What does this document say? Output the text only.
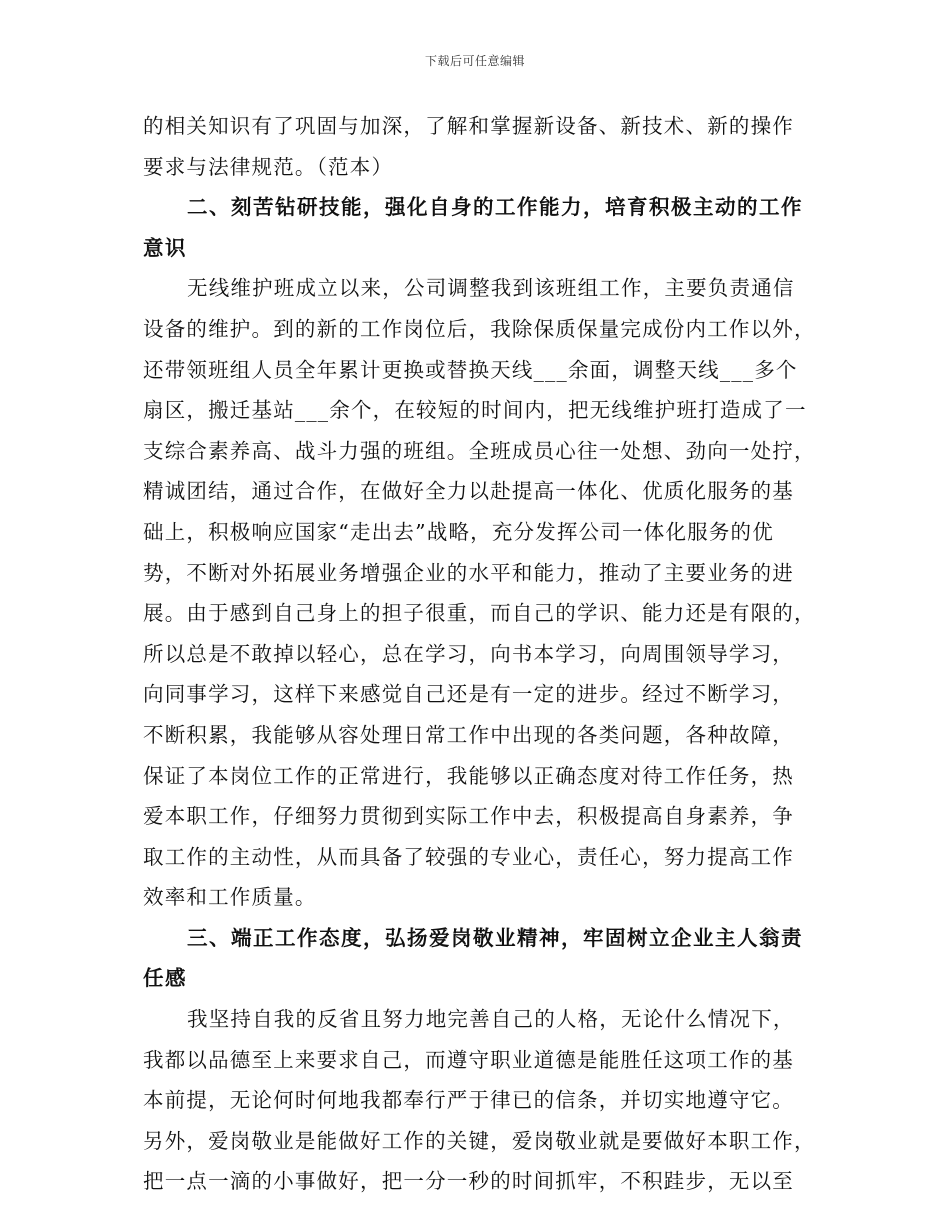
下载后可任意编辑
的相关知识有了巩固与加深，了解和掌握新设备、新技术、新的操作
要求与法律规范。（范本）
二、刻苦钻研技能，强化自身的工作能力，培育积极主动的工作
意识
无线维护班成立以来，公司调整我到该班组工作，主要负责通信
设备的维护。到的新的工作岗位后，我除保质保量完成份内工作以外，
还带领班组人员全年累计更换或替换天线___余面，调整天线___多个
扇区，搬迁基站___余个，在较短的时间内，把无线维护班打造成了一
支综合素养高、战斗力强的班组。全班成员心往一处想、劲向一处拧，
精诚团结，通过合作，在做好全力以赴提高一体化、优质化服务的基
础上，积极响应国家“走出去”战略，充分发挥公司一体化服务的优
势，不断对外拓展业务增强企业的水平和能力，推动了主要业务的进
展。由于感到自己身上的担子很重，而自己的学识、能力还是有限的，
所以总是不敢掉以轻心，总在学习，向书本学习，向周围领导学习，
向同事学习，这样下来感觉自己还是有一定的进步。经过不断学习，
不断积累，我能够从容处理日常工作中出现的各类问题，各种故障，
保证了本岗位工作的正常进行，我能够以正确态度对待工作任务，热
爱本职工作，仔细努力贯彻到实际工作中去，积极提高自身素养，争
取工作的主动性，从而具备了较强的专业心，责任心，努力提高工作
效率和工作质量。
三、端正工作态度，弘扬爱岗敬业精神，牢固树立企业主人翁责
任感
我坚持自我的反省且努力地完善自己的人格，无论什么情况下，
我都以品德至上来要求自己，而遵守职业道德是能胜任这项工作的基
本前提，无论何时何地我都奉行严于律已的信条，并切实地遵守它。
另外，爱岗敬业是能做好工作的关键，爱岗敬业就是要做好本职工作，
把一点一滴的小事做好，把一分一秒的时间抓牢，不积跬步，无以至
